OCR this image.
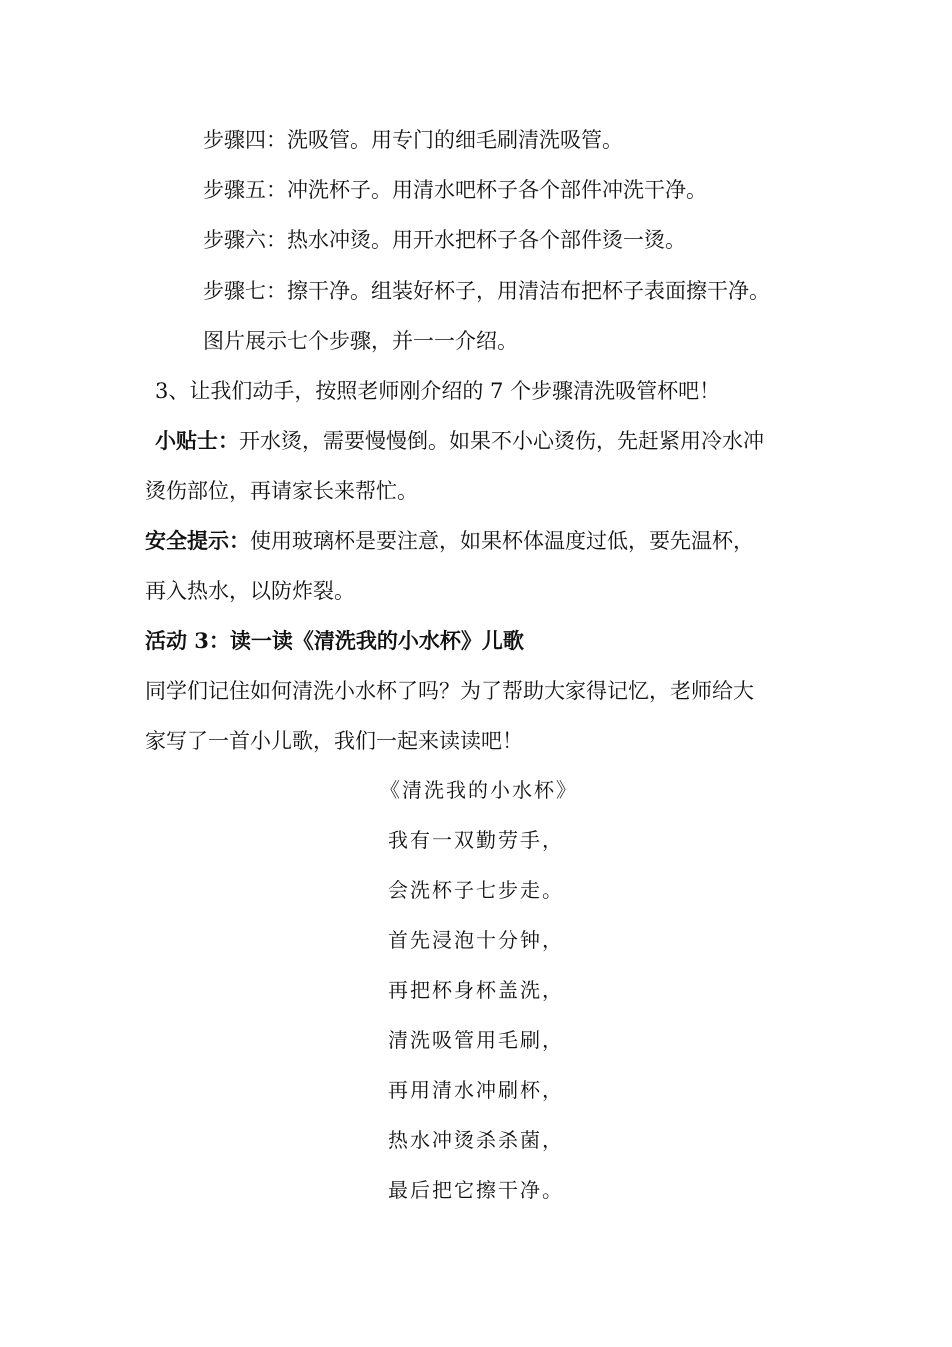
步骤四：洗吸管。用专门的细毛刷清洗吸管。
步骤五：冲洗杯子。用清水吧杯子各个部件冲洗干净。
步骤六：热水冲烫。用开水把杯子各个部件烫一烫。
步骤七：擦干净。组装好杯子，用清洁布把杯子表面擦干净。
图片展示七个步骤，并一一介绍。
3、让我们动手，按照老师刚介绍的 7 个步骤清洗吸管杯吧！
小贴士：开水烫，需要慢慢倒。如果不小心烫伤，先赶紧用冷水冲
烫伤部位，再请家长来帮忙。
安全提示：使用玻璃杯是要注意，如果杯体温度过低，要先温杯，
再入热水，以防炸裂。
活动 3：读一读《清洗我的小水杯》儿歌
同学们记住如何清洗小水杯了吗？为了帮助大家得记忆，老师给大
家写了一首小儿歌，我们一起来读读吧！
《清洗我的小水杯》
我有一双勤劳手，
会洗杯子七步走。
首先浸泡十分钟，
再把杯身杯盖洗，
清洗吸管用毛刷，
再用清水冲刷杯，
热水冲烫杀杀菌，
最后把它擦干净。
